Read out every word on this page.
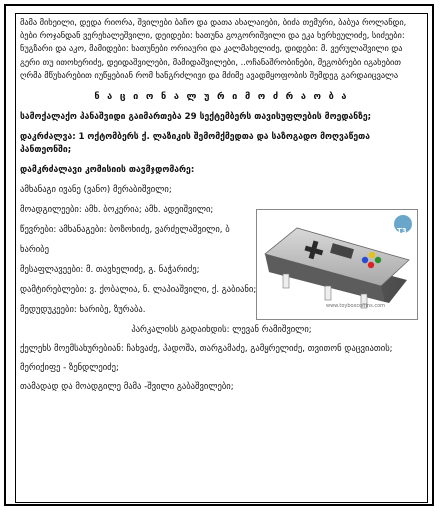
მამა მიხეილი, დედა რიორა, შვილები ბაჩო და დათა ახალაიები, ბიძა თემური, ბაბუა როლანდი, ბები როჯანდან ვერეხალეშვილი, დეიდები: ხათუნა გოგორიშვილი და ეკა ხერხეულიძე, სიძეები: ნუგზარი და აკო, მამიდები: ხათუნები ორიაური და კალმახელიძე, დიდები: მ. ვერულაშვილი და გერი თუ ითოხერიძე, დეიდაშვილები, მამიდაშვილები, ..ოჩანაშრობინები, მეგობრები იგახებით ღრმა მწუხარებით იუწყებიან რომ ხანგრძლივი და მძიმე ავადმყოფობის შემდეგ გარდაიცვალა

ნ ა ც ი ო ნ ა ლ უ რ ი მ ო ძ რ ა ო ბ ა

სამოქალაქო პანაშვიდი გაიმართება 29 სექტემბერს თავისუფლების მოედანზე;

დაკრძალვა: 1 ოქტომბერს ქ. ლაზიკის შემომქმედთა და საზოგადო მოღვაწეთა პანთეონში;

დამკრძალავი კომისიის თავმჯდომარე:

ამხანაგი ივანე (ვანო) მერაბიშვილი;

მოადგილეები: ამხ. ბოკერია; ამხ. ადეიშვილი;

წევრები: ამხანაგები: ბოზოხიძე, ვარძელაშვილი, ბ

ხარიბე

მესაფლავეები: მ. თავხელიძე, გ. ნაჭარიძე;

დამტირებლები: ვ. ქობალია, ნ. ლაპიაშვილი, ქ. გაბიანი;

მედუდუკეები: ხარიბე, ზურაბა.

პარკალისს გადაიხდის: ლევან რამიშვილი;

ქელეხს მოემსახურებიან: ჩახვაძე, პადოშა, თარგამაძე, გამყრელიძე, თვითონ დაცვიათის;

მერიქიფე - ზენდლეიძე;

თამადად და მოადგილე მამა -შვილი გაბაშვილები;

T3
www.toyboxcoffins.com
